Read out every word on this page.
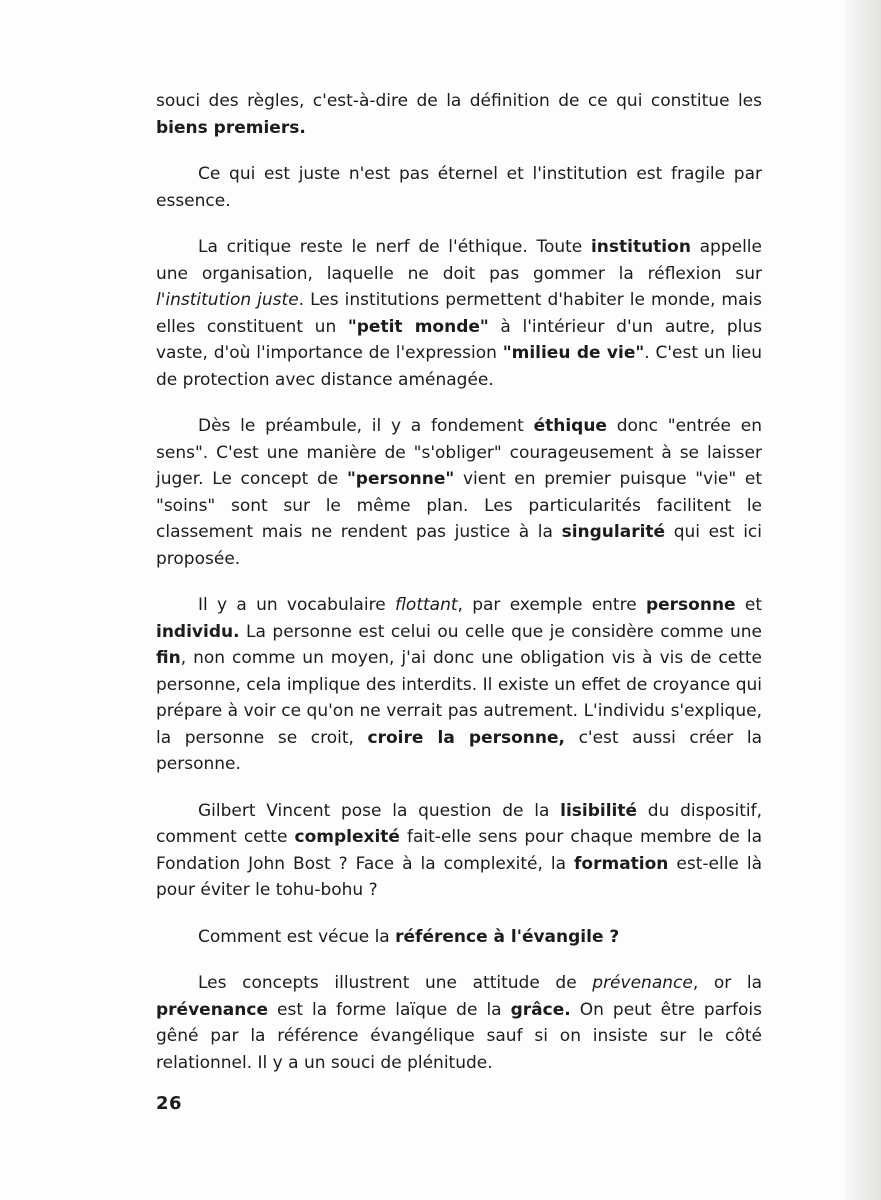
souci des règles, c'est-à-dire de la définition de ce qui constitue les biens premiers.

Ce qui est juste n'est pas éternel et l'institution est fragile par essence.

La critique reste le nerf de l'éthique. Toute institution appelle une organisation, laquelle ne doit pas gommer la réflexion sur l'institution juste. Les institutions permettent d'habiter le monde, mais elles constituent un "petit monde" à l'intérieur d'un autre, plus vaste, d'où l'importance de l'expression "milieu de vie". C'est un lieu de protection avec distance aménagée.

Dès le préambule, il y a fondement éthique donc "entrée en sens". C'est une manière de "s'obliger" courageusement à se laisser juger. Le concept de "personne" vient en premier puisque "vie" et "soins" sont sur le même plan. Les particularités facilitent le classement mais ne rendent pas justice à la singularité qui est ici proposée.

Il y a un vocabulaire flottant, par exemple entre personne et individu. La personne est celui ou celle que je considère comme une fin, non comme un moyen, j'ai donc une obligation vis à vis de cette personne, cela implique des interdits. Il existe un effet de croyance qui prépare à voir ce qu'on ne verrait pas autrement. L'individu s'explique, la personne se croit, croire la personne, c'est aussi créer la personne.

Gilbert Vincent pose la question de la lisibilité du dispositif, comment cette complexité fait-elle sens pour chaque membre de la Fondation John Bost ? Face à la complexité, la formation est-elle là pour éviter le tohu-bohu ?

Comment est vécue la référence à l'évangile ?

Les concepts illustrent une attitude de prévenance, or la prévenance est la forme laïque de la grâce. On peut être parfois gêné par la référence évangélique sauf si on insiste sur le côté relationnel. Il y a un souci de plénitude.

26
